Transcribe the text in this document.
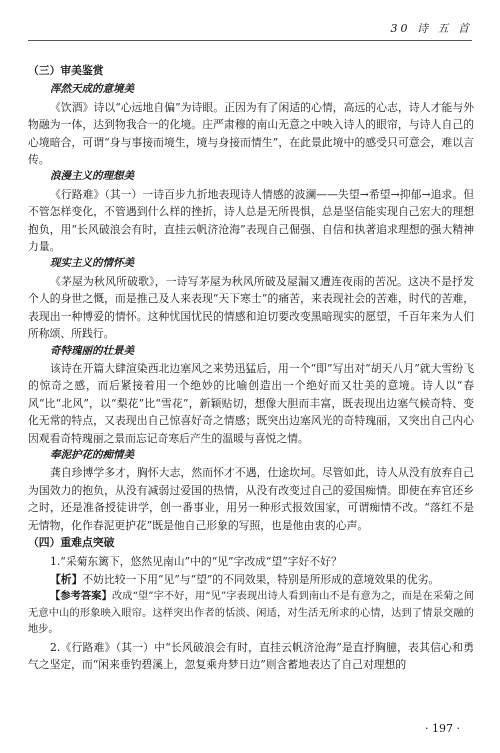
30 诗 五 首
（三）审美鉴赏
浑然天成的意境美

《饮酒》诗以“心远地自偏”为诗眼。正因为有了闲适的心情，高远的心志，诗人才能与外物融为一体，达到物我合一的化境。庄严肃穆的南山无意之中映入诗人的眼帘，与诗人自己的心境暗合，可谓“身与事接而境生，境与身接而情生”，在此景此境中的感受只可意会，难以言传。

浪漫主义的理想美

《行路难》（其一）一诗百步九折地表现诗人情感的波澜——失望→希望→抑郁→追求。但不管怎样变化，不管遇到什么样的挫折，诗人总是无所畏惧，总是坚信能实现自己宏大的理想抱负，用“长风破浪会有时，直挂云帆济沧海”表现自己倔强、自信和执著追求理想的强大精神力量。

现实主义的情怀美

《茅屋为秋风所破歌》，一诗写茅屋为秋风所破及屋漏又遭连夜雨的苦况。这决不是抒发个人的身世之慨，而是推己及人来表现“天下寒士”的痛苦，来表现社会的苦难，时代的苦难，表现出一种博爱的情怀。这种忧国忧民的情感和迫切要改变黑暗现实的愿望，千百年来为人们所称颂、所践行。

奇特瑰丽的壮景美

该诗在开篇大肆渲染西北边塞风之来势迅猛后，用一个“即”写出对“胡天八月”就大雪纷飞的惊奇之感，而后紧接着用一个绝妙的比喻创造出一个绝好而又壮美的意境。诗人以“春风”比“北风”，以“梨花”比“雪花”，新颖贴切，想像大胆而丰富，既表现出边塞气候奇特、变化无常的特点，又表现出自己惊喜好奇之情感；既突出边塞风光的奇特瑰丽，又突出自己内心因观看奇特瑰丽之景而忘记奇寒后产生的温暖与喜悦之情。

奉泥护花的痴情美

龚自珍博学多才，胸怀大志，然而怀才不遇，仕途坎坷。尽管如此，诗人从没有放弃自己为国效力的抱负，从没有减弱过爱国的热情，从没有改变过自己的爱国痴情。即使在弃官还乡之时，还是准备授徒讲学，创一番事业，用另一种形式报效国家，可谓痴情不改。“落红不是无情物，化作春泥更护花”既是他自己形象的写照，也是他由衷的心声。

（四）重难点突破

1.“采菊东篱下，悠然见南山”中的“见”字改成“望”字好不好？

【析】不妨比较一下用“见”与“望”的不同效果，特别是所形成的意境效果的优劣。

【参考答案】改成“望”字不好，用“见”字表现出诗人看到南山不是有意为之，而是在采菊之间无意中山的形象映入眼帘。这样突出作者的恬淡、闲适，对生活无所求的心情，达到了情景交融的地步。

2.《行路难》（其一）中“长风破浪会有时，直挂云帆济沧海”是直抒胸臆，表其信心和勇气之坚定，而“闲来垂钓碧溪上，忽复乘舟梦日边”则含蓄地表达了自己对理想的

· 197 ·
